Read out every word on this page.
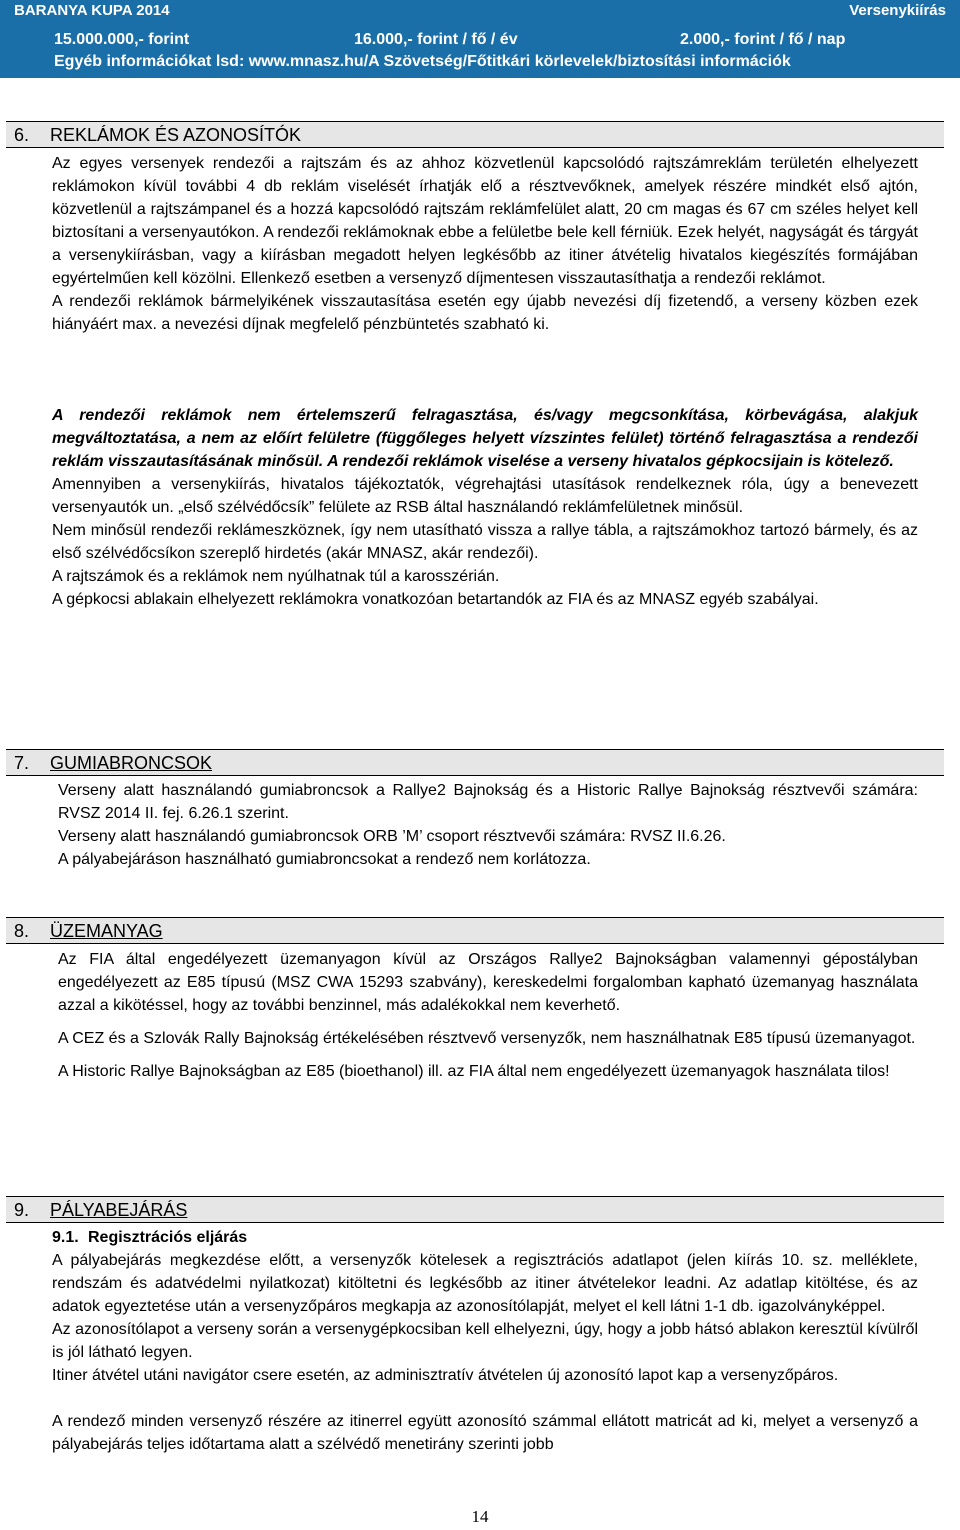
BARANYA KUPA 2014	Versenykiírás
15.000.000,- forint	16.000,- forint / fő / év	2.000,- forint / fő / nap
Egyéb információkat lsd: www.mnasz.hu/A Szövetség/Főtitkári körlevelek/biztosítási információk
6. REKLÁMOK ÉS AZONOSÍTÓK

Az egyes versenyek rendezői a rajtszám és az ahhoz közvetlenül kapcsolódó rajtszámreklám területén elhelyezett reklámokon kívül további 4 db reklám viselését írhatják elő a résztvevőknek, amelyek részére mindkét első ajtón, közvetlenül a rajtszámpanel és a hozzá kapcsolódó rajtszám reklámfelület alatt, 20 cm magas és 67 cm széles helyet kell biztosítani a versenyautókon. A rendezői reklámoknak ebbe a felületbe bele kell férniük. Ezek helyét, nagyságát és tárgyát a versenykiírásban, vagy a kiírásban megadott helyen legkésőbb az itiner átvételig hivatalos kiegészítés formájában egyértelműen kell közölni. Ellenkező esetben a versenyző díjmentesen visszautasíthatja a rendezői reklámot.

A rendezői reklámok bármelyikének visszautasítása esetén egy újabb nevezési díj fizetendő, a verseny közben ezek hiányáért max. a nevezési díjnak megfelelő pénzbüntetés szabható ki.

A rendezői reklámok nem értelemszerű felragasztása, és/vagy megcsonkítása, körbevágása, alakjuk megváltoztatása, a nem az előírt felületre (függőleges helyett vízszintes felület) történő felragasztása a rendezői reklám visszautasításának minősül. A rendezői reklámok viselése a verseny hivatalos gépkocsijain is kötelező.

Amennyiben a versenykiírás, hivatalos tájékoztatók, végrehajtási utasítások rendelkeznek róla, úgy a benevezett versenyautók un. „első szélvédőcsík” felülete az RSB által használandó reklámfelületnek minősül.

Nem minősül rendezői reklámeszköznek, így nem utasítható vissza a rallye tábla, a rajtszámokhoz tartozó bármely, és az első szélvédőcsíkon szereplő hirdetés (akár MNASZ, akár rendezői).

A rajtszámok és a reklámok nem nyúlhatnak túl a karosszérián.

A gépkocsi ablakain elhelyezett reklámokra vonatkozóan betartandók az FIA és az MNASZ egyéb szabályai.

7. GUMIABRONCSOK

Verseny alatt használandó gumiabroncsok a Rallye2 Bajnokság és a Historic Rallye Bajnokság résztvevői számára: RVSZ 2014 II. fej. 6.26.1 szerint.

Verseny alatt használandó gumiabroncsok ORB ’M’ csoport résztvevői számára: RVSZ II.6.26.

A pályabejáráson használható gumiabroncsokat a rendező nem korlátozza.

8. ÜZEMANYAG

Az FIA által engedélyezett üzemanyagon kívül az Országos Rallye2 Bajnokságban valamennyi gépostályban engedélyezett az E85 típusú (MSZ CWA 15293 szabvány), kereskedelmi forgalomban kapható üzemanyag használata azzal a kikötéssel, hogy az további benzinnel, más adalékokkal nem keverhető.

A CEZ és a Szlovák Rally Bajnokság értékelésében résztvevő versenyzők, nem használhatnak E85 típusú üzemanyagot.

A Historic Rallye Bajnokságban az E85 (bioethanol) ill. az FIA által nem engedélyezett üzemanyagok használata tilos!

9. PÁLYABEJÁRÁS
9.1. Regisztrációs eljárás

A pályabejárás megkezdése előtt, a versenyzők kötelesek a regisztrációs adatlapot (jelen kiírás 10. sz. melléklete, rendszám és adatvédelmi nyilatkozat) kitöltetni és legkésőbb az itiner átvételekor leadni. Az adatlap kitöltése, és az adatok egyeztetése után a versenyzőpáros megkapja az azonosítólapját, melyet el kell látni 1-1 db. igazolványképpel.

Az azonosítólapot a verseny során a versenygépkocsiban kell elhelyezni, úgy, hogy a jobb hátsó ablakon keresztül kívülről is jól látható legyen.

Itiner átvétel utáni navigátor csere esetén, az adminisztratív átvételen új azonosító lapot kap a versenyzőpáros.

A rendező minden versenyző részére az itinerrel együtt azonosító számmal ellátott matricát ad ki, melyet a versenyző a pályabejárás teljes időtartama alatt a szélvédő menetirány szerinti jobb

14
